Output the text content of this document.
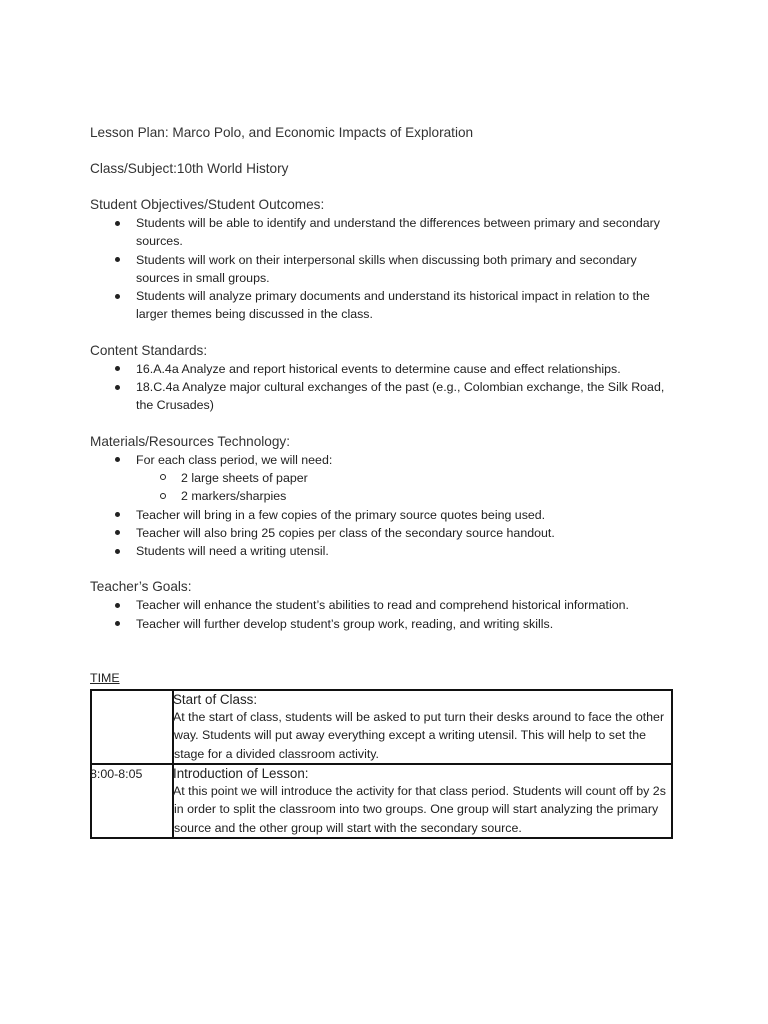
Lesson Plan: Marco Polo, and Economic Impacts of Exploration

Class/Subject:10th World History

Student Objectives/Student Outcomes:

Students will be able to identify and understand the differences between primary and secondary sources.
Students will work on their interpersonal skills when discussing both primary and secondary sources in small groups.
Students will analyze primary documents and understand its historical impact in relation to the larger themes being discussed in the class.

Content Standards:

16.A.4a Analyze and report historical events to determine cause and effect relationships.
18.C.4a Analyze major cultural exchanges of the past (e.g., Colombian exchange, the Silk Road, the Crusades)

Materials/Resources Technology:

For each class period, we will need:
2 large sheets of paper
2 markers/sharpies
Teacher will bring in a few copies of the primary source quotes being used.
Teacher will also bring 25 copies per class of the secondary source handout.
Students will need a writing utensil.

Teacher’s Goals:

Teacher will enhance the student’s abilities to read and comprehend historical information.
Teacher will further develop student’s group work, reading, and writing skills.

TIME

	Start of Class:
At the start of class, students will be asked to put turn their desks around to face the other way. Students will put away everything except a writing utensil. This will help to set the stage for a divided classroom activity.

8:00-8:05	Introduction of Lesson:
At this point we will introduce the activity for that class period. Students will count off by 2s in order to split the classroom into two groups. One group will start analyzing the primary source and the other group will start with the secondary source.
